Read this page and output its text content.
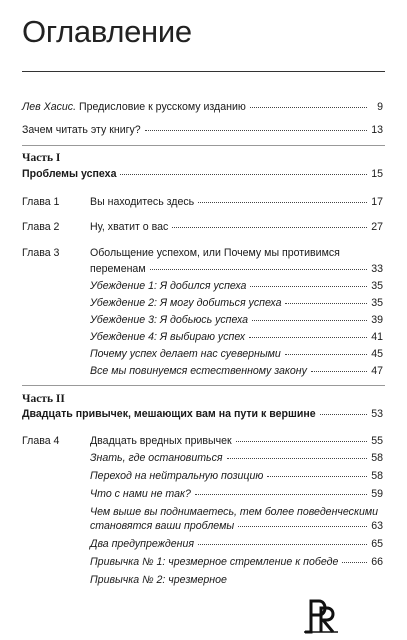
Оглавление
Лев Хасис. Предисловие к русскому изданию	9
Зачем читать эту книгу?	13
Часть I
Проблемы успеха	15
Глава 1	Вы находитесь здесь	17
Глава 2	Ну, хватит о вас	27
Глава 3	Обольщение успехом, или Почему мы противимся
переменам	33
Убеждение 1: Я добился успеха	35
Убеждение 2: Я могу добиться успеха	35
Убеждение 3: Я добьюсь успеха	39
Убеждение 4: Я выбираю успех	41
Почему успех делает нас суеверными	45
Все мы повинуемся естественному закону	47
Часть II
Двадцать привычек, мешающих вам на пути к вершине	53
Глава 4	Двадцать вредных привычек	55
Знать, где остановиться	58
Переход на нейтральную позицию	58
Что с нами не так?	59
Чем выше вы поднимаетесь, тем более поведенческими
становятся ваши проблемы	63
Два предупреждения	65
Привычка № 1: чрезмерное стремление к победе	66
Привычка № 2: чрезмерное
